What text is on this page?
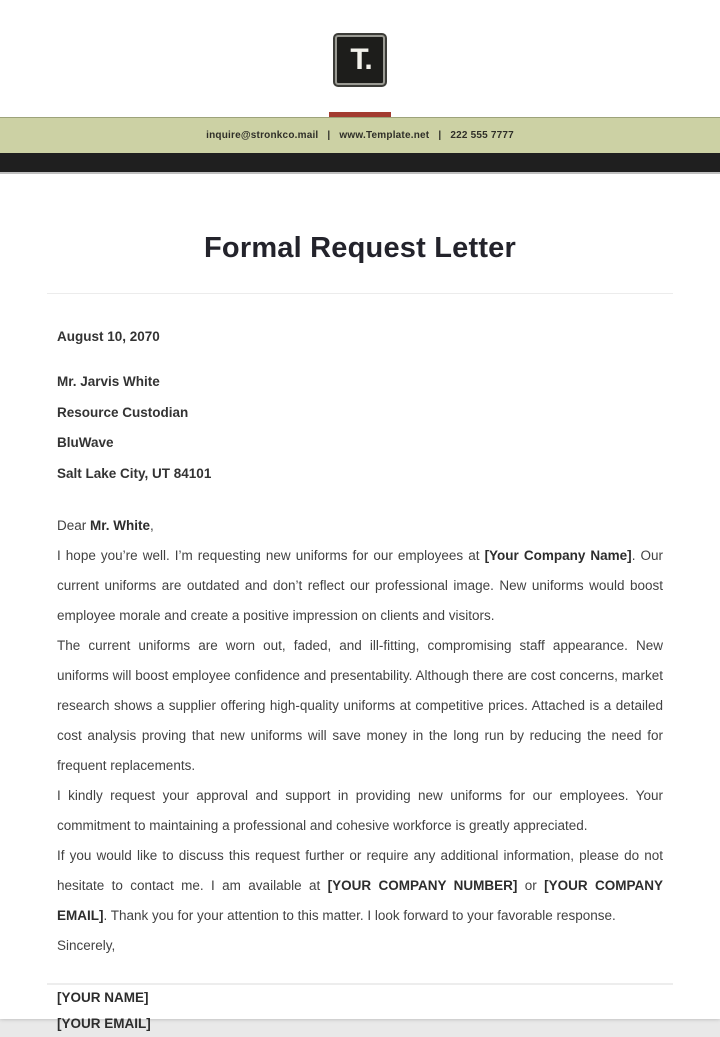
T.
inquire@stronkco.mail | www.Template.net | 222 555 7777
Formal Request Letter
August 10, 2070

Mr. Jarvis White

Resource Custodian

BluWave

Salt Lake City, UT 84101

Dear Mr. White,

I hope you’re well. I’m requesting new uniforms for our employees at [Your Company Name]. Our current uniforms are outdated and don’t reflect our professional image. New uniforms would boost employee morale and create a positive impression on clients and visitors.

The current uniforms are worn out, faded, and ill-fitting, compromising staff appearance. New uniforms will boost employee confidence and presentability. Although there are cost concerns, market research shows a supplier offering high-quality uniforms at competitive prices. Attached is a detailed cost analysis proving that new uniforms will save money in the long run by reducing the need for frequent replacements.

I kindly request your approval and support in providing new uniforms for our employees. Your commitment to maintaining a professional and cohesive workforce is greatly appreciated.

If you would like to discuss this request further or require any additional information, please do not hesitate to contact me. I am available at [YOUR COMPANY NUMBER] or [YOUR COMPANY EMAIL]. Thank you for your attention to this matter. I look forward to your favorable response.

Sincerely,

[YOUR NAME]

[YOUR EMAIL]
